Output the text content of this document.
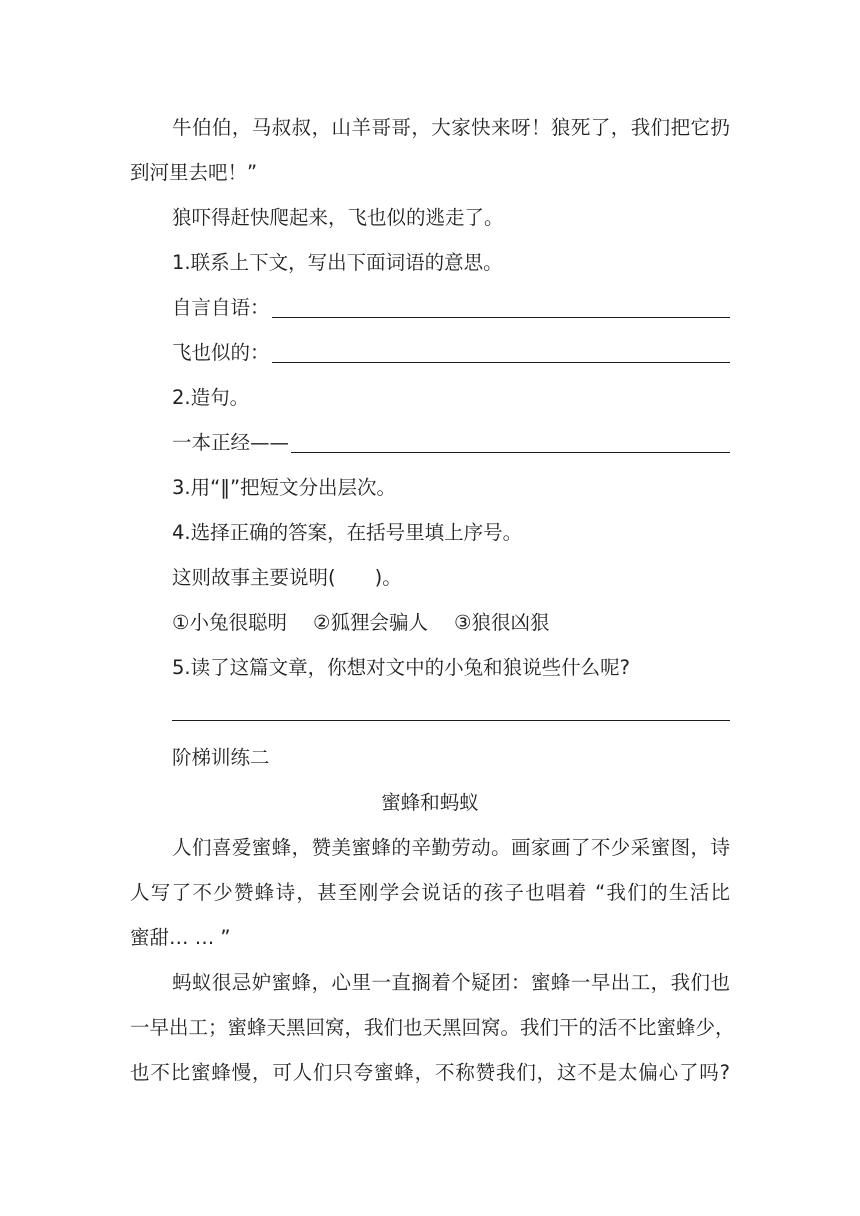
牛伯伯，马叔叔，山羊哥哥，大家快来呀！狼死了，我们把它扔
到河里去吧！”
狼吓得赶快爬起来，飞也似的逃走了。
1.联系上下文，写出下面词语的意思。
自言自语：
飞也似的：
2.造句。
一本正经——
3.用“‖”把短文分出层次。
4.选择正确的答案，在括号里填上序号。
这则故事主要说明(　　)。
①小兔很聪明 ②狐狸会骗人 ③狼很凶狠
5.读了这篇文章，你想对文中的小兔和狼说些什么呢?
阶梯训练二
蜜蜂和蚂蚁
人们喜爱蜜蜂，赞美蜜蜂的辛勤劳动。画家画了不少采蜜图，诗
人写了不少赞蜂诗，甚至刚学会说话的孩子也唱着 “我们的生活比
蜜甜… … ”
蚂蚁很忌妒蜜蜂，心里一直搁着个疑团：蜜蜂一早出工，我们也
一早出工；蜜蜂天黑回窝，我们也天黑回窝。我们干的活不比蜜蜂少，
也不比蜜蜂慢，可人们只夸蜜蜂，不称赞我们，这不是太偏心了吗?
